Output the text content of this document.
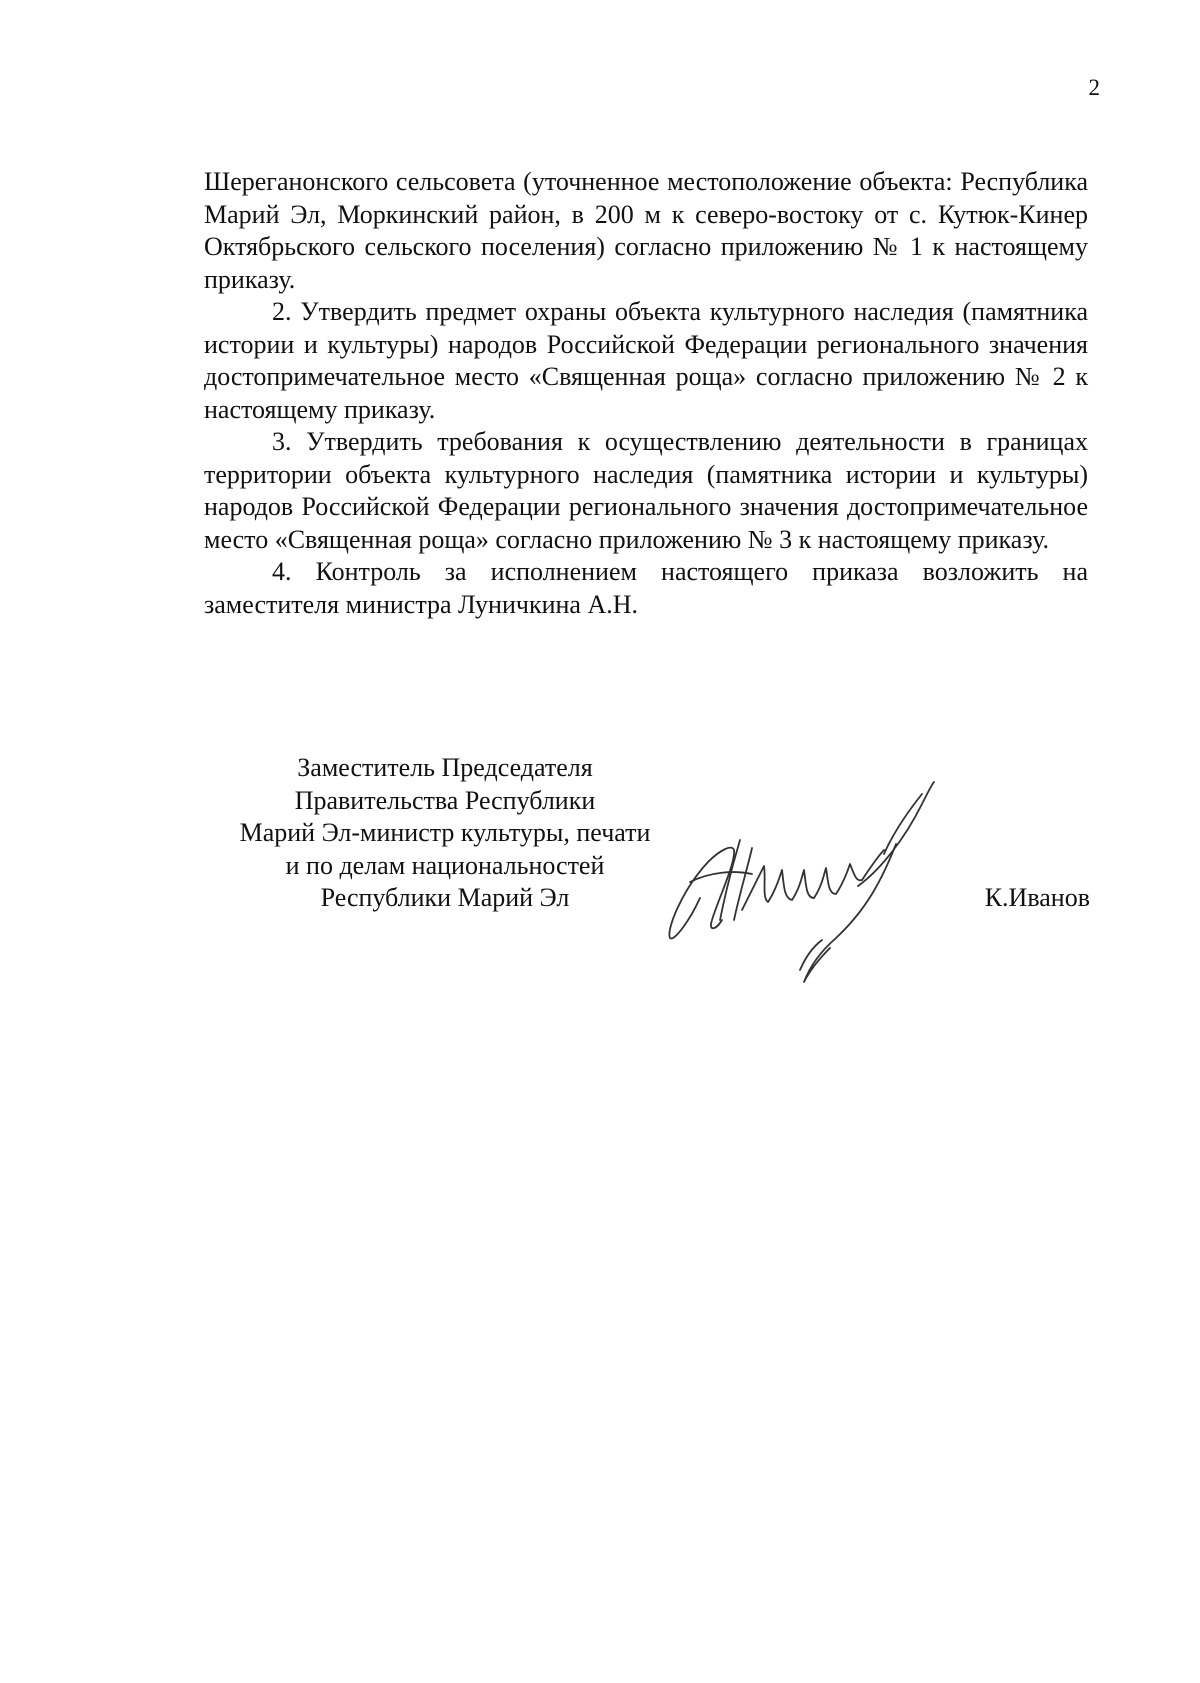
2

Шереганонского сельсовета (уточненное местоположение объекта: Республика Марий Эл, Моркинский район, в 200 м к северо-востоку от с. Кутюк-Кинер Октябрьского сельского поселения) согласно приложению № 1 к настоящему приказу.

2. Утвердить предмет охраны объекта культурного наследия (памятника истории и культуры) народов Российской Федерации регионального значения достопримечательное место «Священная роща» согласно приложению № 2 к настоящему приказу.

3. Утвердить требования к осуществлению деятельности в границах территории объекта культурного наследия (памятника истории и культуры) народов Российской Федерации регионального значения достопримечательное место «Священная роща» согласно приложению № 3 к настоящему приказу.

4. Контроль за исполнением настоящего приказа возложить на заместителя министра Луничкина А.Н.

Заместитель Председателя
Правительства Республики
Марий Эл-министр культуры, печати
и по делам национальностей
Республики Марий Эл	К.Иванов
